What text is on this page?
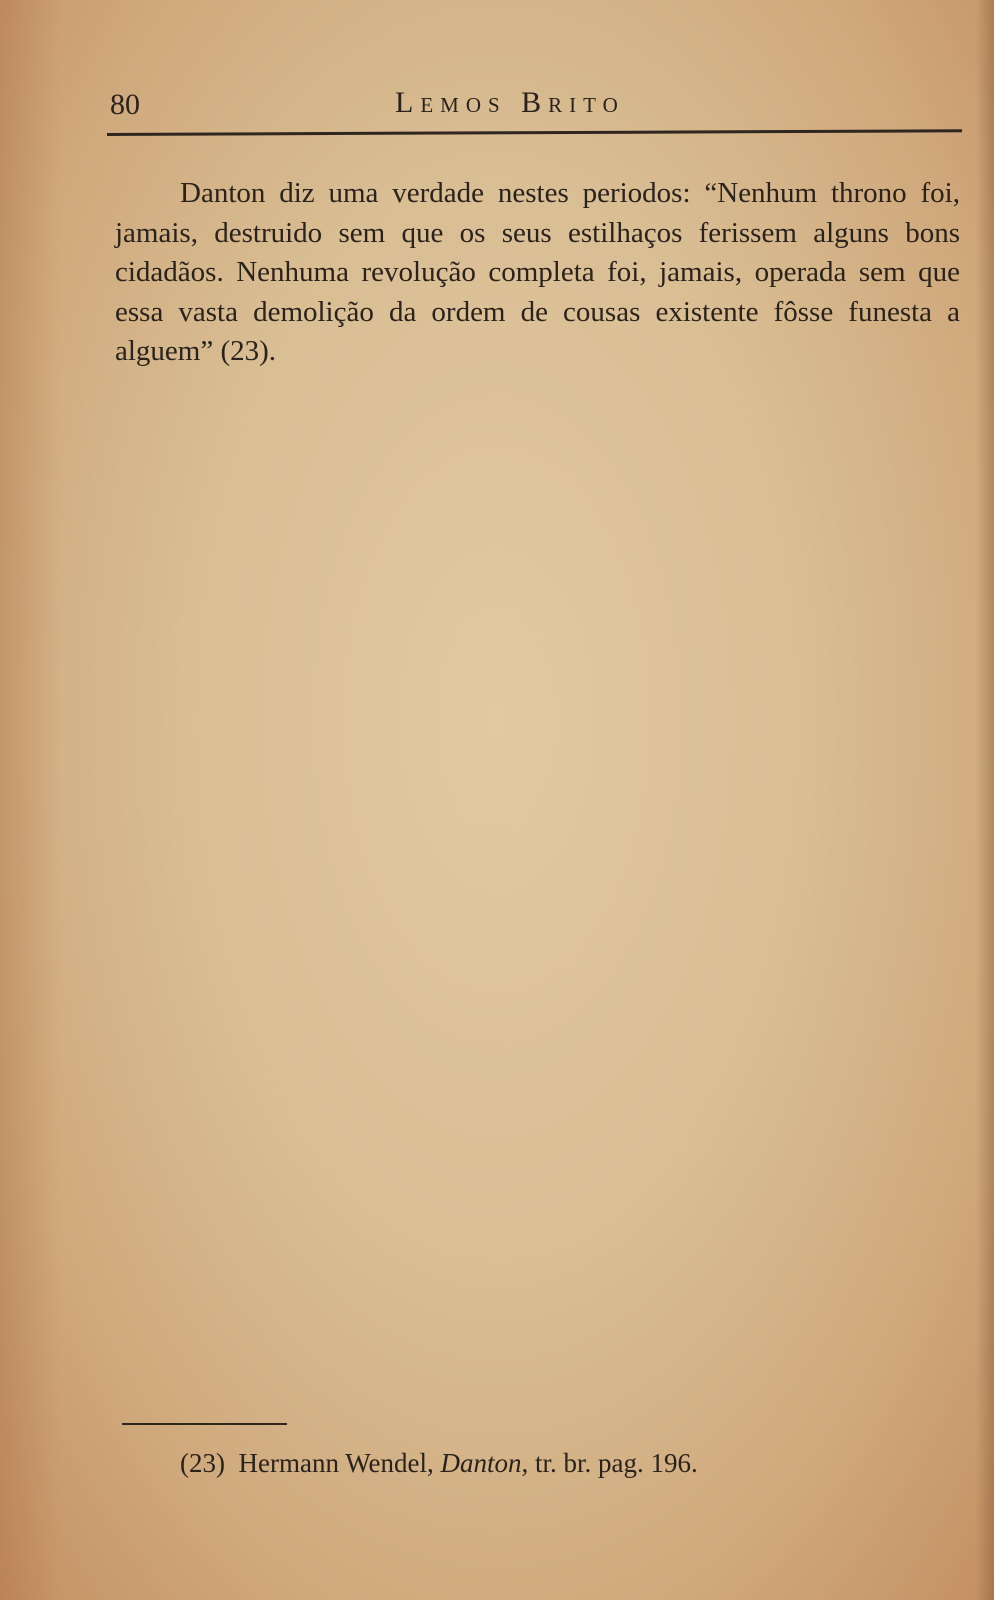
80	Lemos Brito

Danton diz uma verdade nestes periodos: “Nenhum throno foi, jamais, destruido sem que os seus estilhaços ferissem alguns bons cidadãos. Nenhuma revolução completa foi, jamais, operada sem que essa vasta demolição da ordem de cousas existente fôsse funesta a alguem” (23).

(23) Hermann Wendel, Danton, tr. br. pag. 196.
